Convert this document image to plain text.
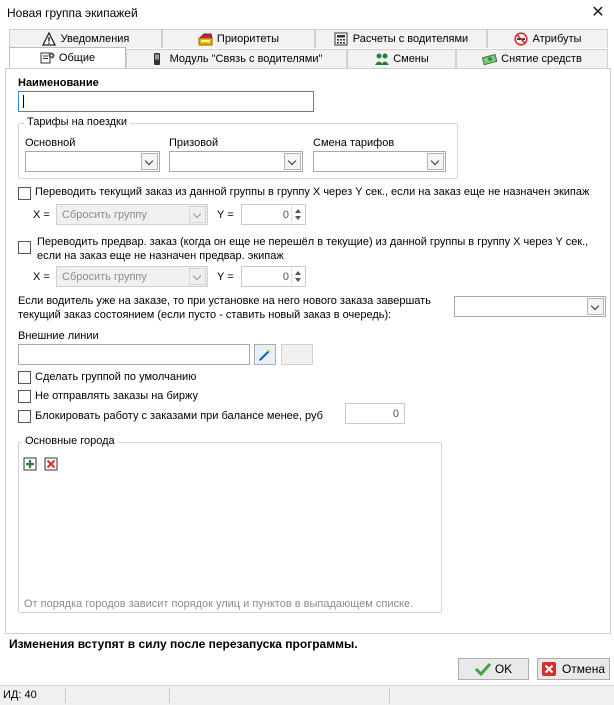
Новая группа экипажей	✕
Уведомления	Приоритеты	Расчеты с водителями	Атрибуты
Общие	Модуль "Связь с водителями"	Смены	Снятие средств
Наименование
Тарифы на поездки
Основной	Призовой	Смена тарифов
Переводить текущий заказ из данной группы в группу X через Y сек., если на заказ еще не назначен экипаж
X = Сбросить группу	Y =	0
Переводить предвар. заказ (когда он еще не перешёл в текущие) из данной группы в группу X через Y сек.,
если на заказ еще не назначен предвар. экипаж
X = Сбросить группу	Y =	0
Если водитель уже на заказе, то при установке на него нового заказа завершать
текущий заказ состоянием (если пусто - ставить новый заказ в очередь):
Внешние линии
Сделать группой по умолчанию
Не отправлять заказы на биржу
Блокировать работу с заказами при балансе менее, руб	0
Основные города
От порядка городов зависит порядок улиц и пунктов в выпадающем списке.
Изменения вступят в силу после перезапуска программы.
OK	Отмена
ИД: 40
